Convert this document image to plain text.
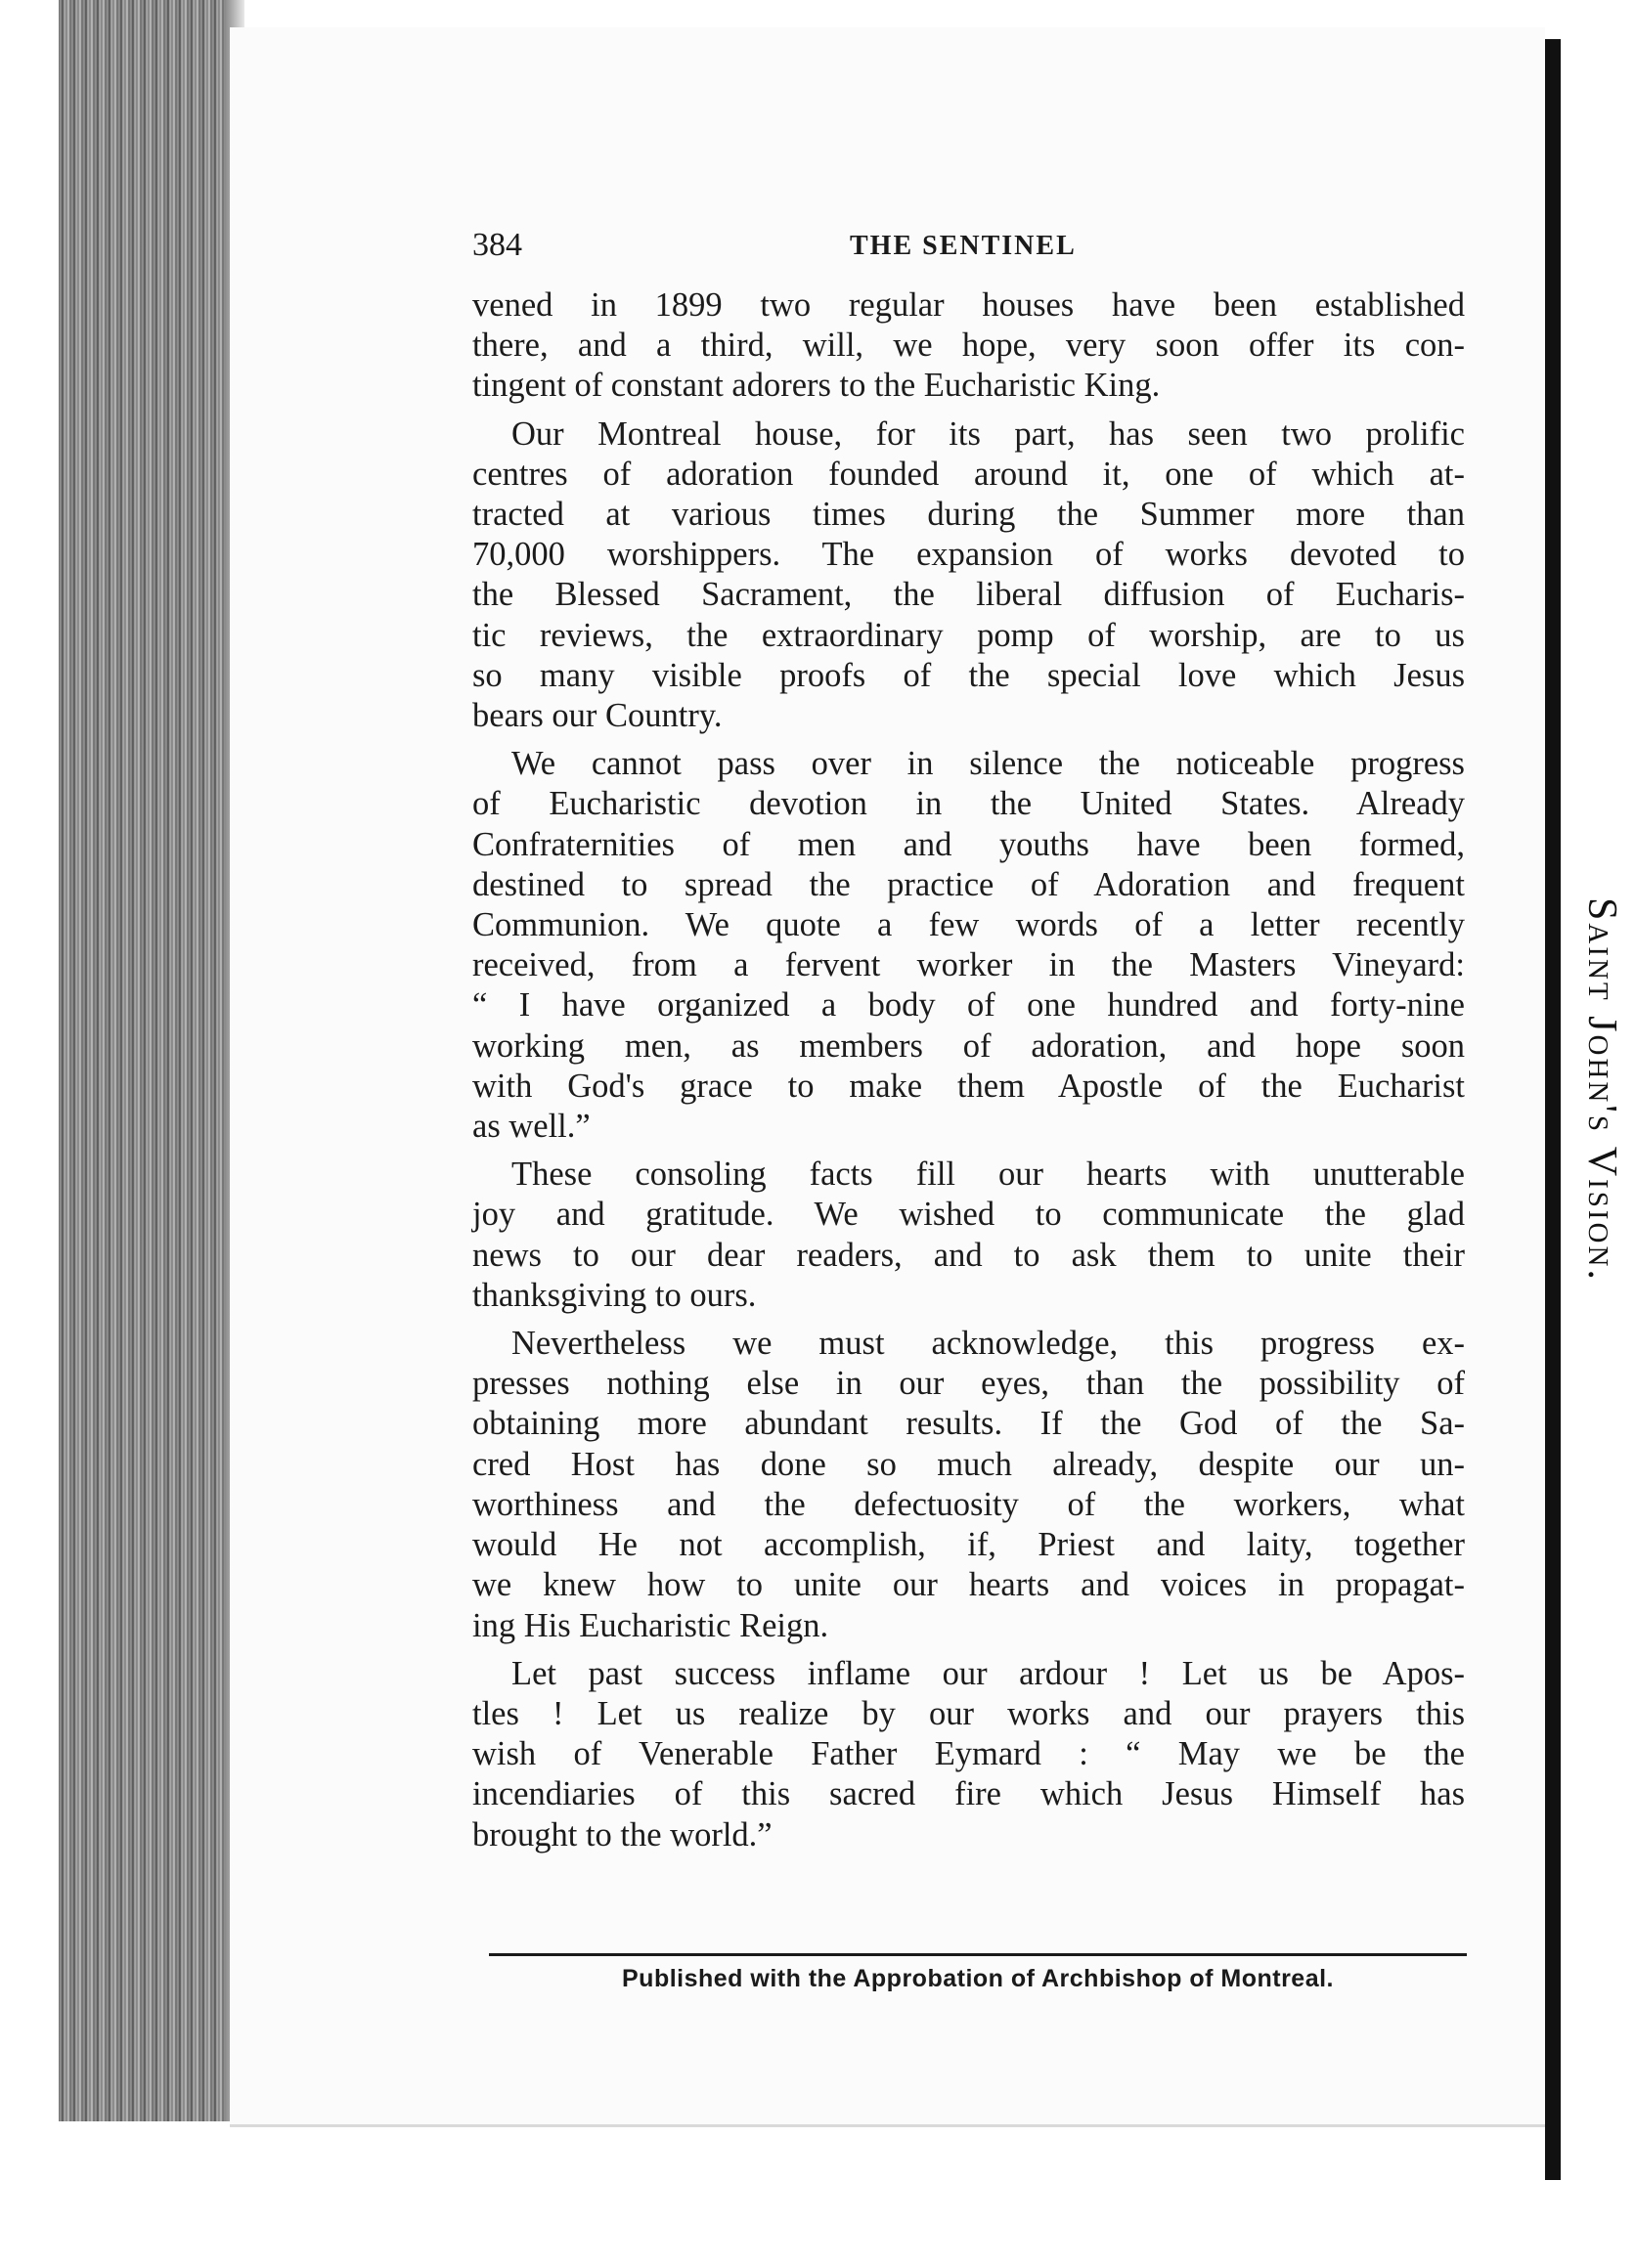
384	THE SENTINEL
vened in 1899 two regular houses have been established
there, and a third, will, we hope, very soon offer its con-
tingent of constant adorers to the Eucharistic King.
Our Montreal house, for its part, has seen two prolific
centres of adoration founded around it, one of which at-
tracted at various times during the Summer more than
70,000 worshippers. The expansion of works devoted to
the Blessed Sacrament, the liberal diffusion of Eucharis-
tic reviews, the extraordinary pomp of worship, are to us
so many visible proofs of the special love which Jesus
bears our Country.
We cannot pass over in silence the noticeable progress
of Eucharistic devotion in the United States. Already
Confraternities of men and youths have been formed,
destined to spread the practice of Adoration and frequent
Communion. We quote a few words of a letter recently
received, from a fervent worker in the Masters Vineyard:
“ I have organized a body of one hundred and forty-nine
working men, as members of adoration, and hope soon
with God's grace to make them Apostle of the Eucharist
as well.”
These consoling facts fill our hearts with unutterable
joy and gratitude. We wished to communicate the glad
news to our dear readers, and to ask them to unite their
thanksgiving to ours.
Nevertheless we must acknowledge, this progress ex-
presses nothing else in our eyes, than the possibility of
obtaining more abundant results. If the God of the Sa-
cred Host has done so much already, despite our un-
worthiness and the defectuosity of the workers, what
would He not accomplish, if, Priest and laity, together
we knew how to unite our hearts and voices in propagat-
ing His Eucharistic Reign.
Let past success inflame our ardour ! Let us be Apos-
tles ! Let us realize by our works and our prayers this
wish of Venerable Father Eymard : “ May we be the
incendiaries of this sacred fire which Jesus Himself has
brought to the world.”
Published with the Approbation of Archbishop of Montreal.
Saint John's Vision.
